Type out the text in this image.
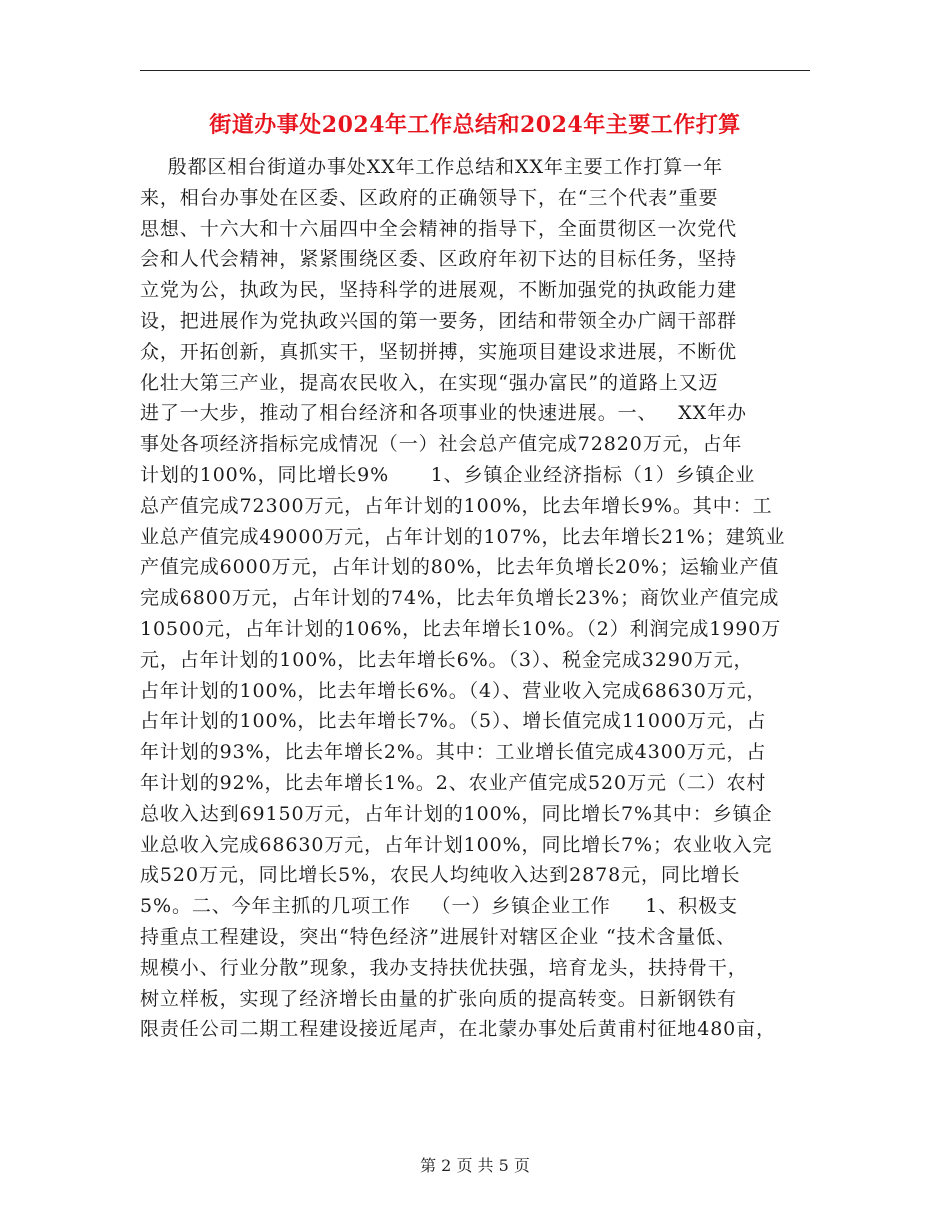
街道办事处2024年工作总结和2024年主要工作打算
殷都区相台街道办事处XX年工作总结和XX年主要工作打算一年
来，相台办事处在区委、区政府的正确领导下，在“三个代表”重要
思想、十六大和十六届四中全会精神的指导下，全面贯彻区一次党代
会和人代会精神，紧紧围绕区委、区政府年初下达的目标任务，坚持
立党为公，执政为民，坚持科学的进展观，不断加强党的执政能力建
设，把进展作为党执政兴国的第一要务，团结和带领全办广阔干部群
众，开拓创新，真抓实干，坚韧拼搏，实施项目建设求进展，不断优
化壮大第三产业，提高农民收入，在实现“强办富民”的道路上又迈
进了一大步，推动了相台经济和各项事业的快速进展。一、   XX年办
事处各项经济指标完成情况（一）社会总产值完成72820万元，占年
计划的100%，同比增长9%      1、乡镇企业经济指标（1）乡镇企业
总产值完成72300万元，占年计划的100%，比去年增长9%。其中：工
业总产值完成49000万元，占年计划的107%，比去年增长21%；建筑业
产值完成6000万元，占年计划的80%，比去年负增长20%；运输业产值
完成6800万元，占年计划的74%，比去年负增长23%；商饮业产值完成
10500元，占年计划的106%，比去年增长10%。（2）利润完成1990万
元，占年计划的100%，比去年增长6%。（3）、税金完成3290万元，
占年计划的100%，比去年增长6%。（4）、营业收入完成68630万元，
占年计划的100%，比去年增长7%。（5）、增长值完成11000万元，占
年计划的93%，比去年增长2%。其中：工业增长值完成4300万元，占
年计划的92%，比去年增长1%。2、农业产值完成520万元（二）农村
总收入达到69150万元，占年计划的100%，同比增长7%其中：乡镇企
业总收入完成68630万元，占年计划100%，同比增长7%；农业收入完
成520万元，同比增长5%，农民人均纯收入达到2878元，同比增长
5%。二、今年主抓的几项工作   （一）乡镇企业工作     1、积极支
持重点工程建设，突出“特色经济”进展针对辖区企业 “技术含量低、
规模小、行业分散”现象，我办支持扶优扶强，培育龙头，扶持骨干，
树立样板，实现了经济增长由量的扩张向质的提高转变。日新钢铁有
限责任公司二期工程建设接近尾声，在北蒙办事处后黄甫村征地480亩，
第 2 页 共 5 页
